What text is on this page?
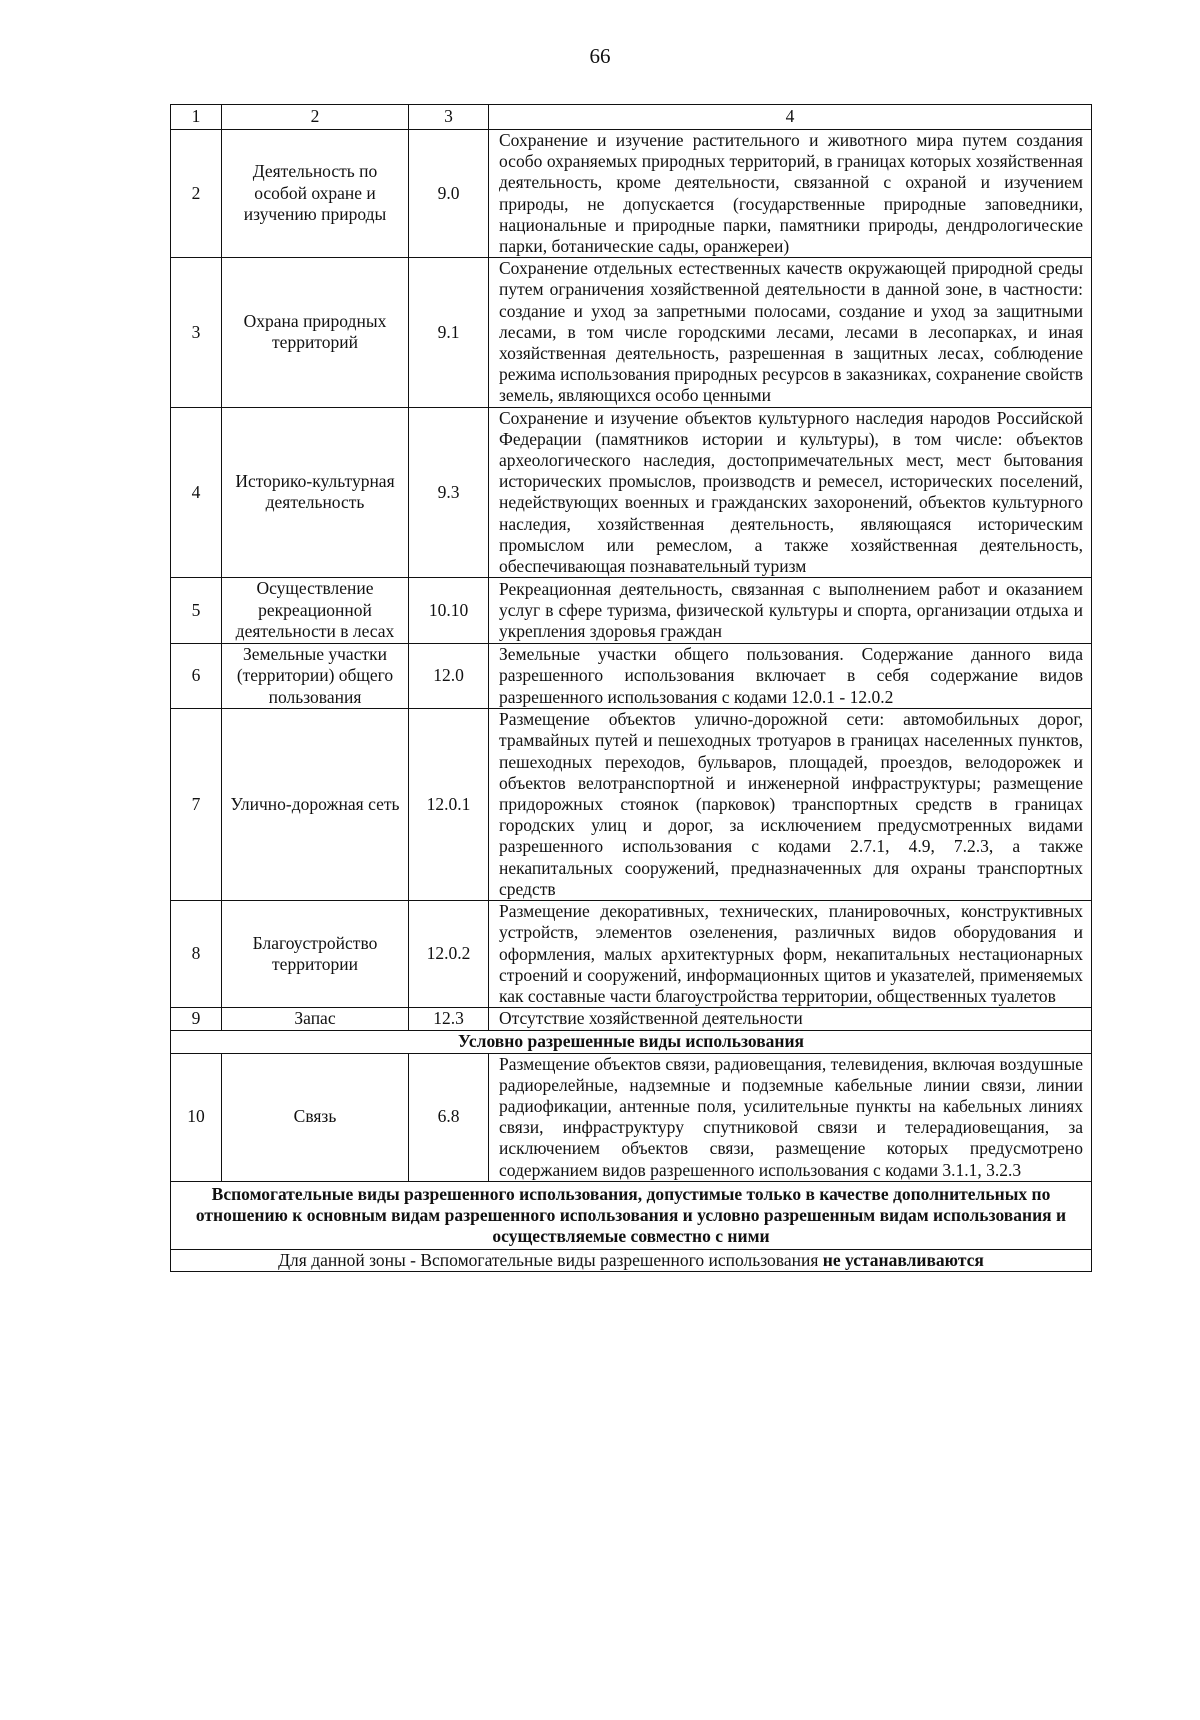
66
1	2	3	4
2	Деятельность по особой охране и изучению природы	9.0	Сохранение и изучение растительного и животного мира путем создания особо охраняемых природных территорий, в границах которых хозяйственная деятельность, кроме деятельности, связанной с охраной и изучением природы, не допускается (государственные природные заповедники, национальные и природные парки, памятники природы, дендрологические парки, ботанические сады, оранжереи)
3	Охрана природных территорий	9.1	Сохранение отдельных естественных качеств окружающей природной среды путем ограничения хозяйственной деятельности в данной зоне, в частности: создание и уход за запретными полосами, создание и уход за защитными лесами, в том числе городскими лесами, лесами в лесопарках, и иная хозяйственная деятельность, разрешенная в защитных лесах, соблюдение режима использования природных ресурсов в заказниках, сохранение свойств земель, являющихся особо ценными
4	Историко-культурная деятельность	9.3	Сохранение и изучение объектов культурного наследия народов Российской Федерации (памятников истории и культуры), в том числе: объектов археологического наследия, достопримечательных мест, мест бытования исторических промыслов, производств и ремесел, исторических поселений, недействующих военных и гражданских захоронений, объектов культурного наследия, хозяйственная деятельность, являющаяся историческим промыслом или ремеслом, а также хозяйственная деятельность, обеспечивающая познавательный туризм
5	Осуществление рекреационной деятельности в лесах	10.10	Рекреационная деятельность, связанная с выполнением работ и оказанием услуг в сфере туризма, физической культуры и спорта, организации отдыха и укрепления здоровья граждан
6	Земельные участки (территории) общего пользования	12.0	Земельные участки общего пользования. Содержание данного вида разрешенного использования включает в себя содержание видов разрешенного использования с кодами 12.0.1 - 12.0.2
7	Улично-дорожная сеть	12.0.1	Размещение объектов улично-дорожной сети: автомобильных дорог, трамвайных путей и пешеходных тротуаров в границах населенных пунктов, пешеходных переходов, бульваров, площадей, проездов, велодорожек и объектов велотранспортной и инженерной инфраструктуры; размещение придорожных стоянок (парковок) транспортных средств в границах городских улиц и дорог, за исключением предусмотренных видами разрешенного использования с кодами 2.7.1, 4.9, 7.2.3, а также некапитальных сооружений, предназначенных для охраны транспортных средств
8	Благоустройство территории	12.0.2	Размещение декоративных, технических, планировочных, конструктивных устройств, элементов озеленения, различных видов оборудования и оформления, малых архитектурных форм, некапитальных нестационарных строений и сооружений, информационных щитов и указателей, применяемых как составные части благоустройства территории, общественных туалетов
9	Запас	12.3	Отсутствие хозяйственной деятельности
Условно разрешенные виды использования			
10	Связь	6.8	Размещение объектов связи, радиовещания, телевидения, включая воздушные радиорелейные, надземные и подземные кабельные линии связи, линии радиофикации, антенные поля, усилительные пункты на кабельных линиях связи, инфраструктуру спутниковой связи и телерадиовещания, за исключением объектов связи, размещение которых предусмотрено содержанием видов разрешенного использования с кодами 3.1.1, 3.2.3
Вспомогательные виды разрешенного использования, допустимые только в качестве дополнительных по отношению к основным видам разрешенного использования и условно разрешенным видам использования и осуществляемые совместно с ними			
Для данной зоны - Вспомогательные виды разрешенного использования не устанавливаются			
